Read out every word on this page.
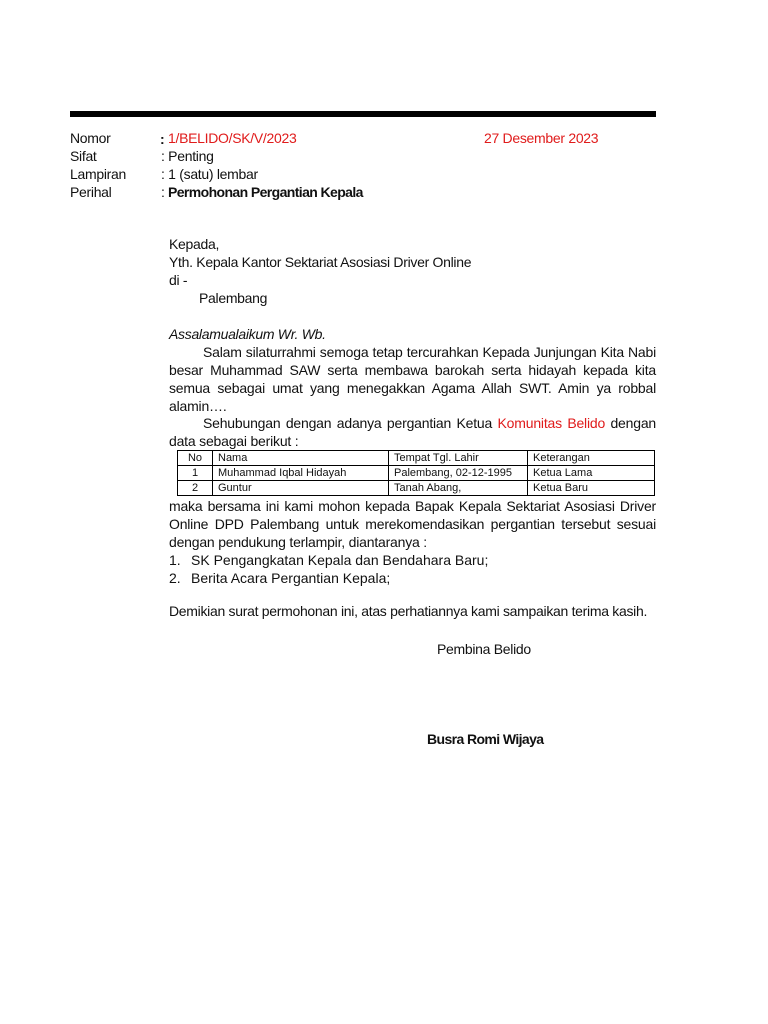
Nomor	: 1/BELIDO/SK/V/2023	27 Desember 2023
Sifat	: Penting
Lampiran	: 1 (satu) lembar
Perihal	: Permohonan Pergantian Kepala
Kepada,
Yth. Kepala Kantor Sektariat Asosiasi Driver Online
di -
Palembang
Assalamualaikum Wr. Wb.
Salam silaturrahmi semoga tetap tercurahkan Kepada Junjungan Kita Nabi besar Muhammad SAW serta membawa barokah serta hidayah kepada kita semua sebagai umat yang menegakkan Agama Allah SWT. Amin ya robbal alamin….
Sehubungan dengan adanya pergantian Ketua Komunitas Belido dengan data sebagai berikut :
No	Nama	Tempat Tgl. Lahir	Keterangan
1	Muhammad Iqbal Hidayah	Palembang, 02-12-1995	Ketua Lama
2	Guntur	Tanah Abang,	Ketua Baru
maka bersama ini kami mohon kepada Bapak Kepala Sektariat Asosiasi Driver Online DPD Palembang untuk merekomendasikan pergantian tersebut sesuai dengan pendukung terlampir, diantaranya :
1. SK Pengangkatan Kepala dan Bendahara Baru;
2. Berita Acara Pergantian Kepala;
Demikian surat permohonan ini, atas perhatiannya kami sampaikan terima kasih.
Pembina Belido
Busra Romi Wijaya
